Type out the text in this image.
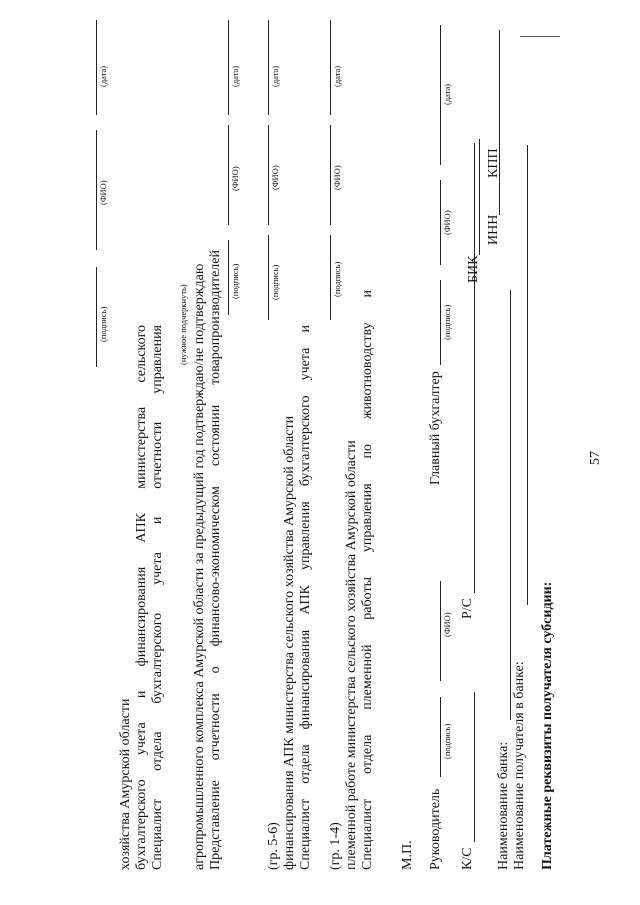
57
Платежные реквизиты получателя субсидии:
Наименование получателя в банке:
Наименование банка:
К/С
Р/С
ИНН
БИК
КПП
Руководитель
(подпись)
(ФИО)
Главный бухгалтер
(подпись)
(ФИО)
(дата)
М.П.
Специалист отдела племенной работы управления по животноводству и
племенной работе министерства сельского хозяйства Амурской области
(гр. 1-4)
(подпись)
(ФИО)
(дата)
Специалист отдела финансирования АПК управления бухгалтерского учета и
финансирования АПК министерства сельского хозяйства Амурской области
(гр. 5-6)
(подпись)
(ФИО)
(дата)
Представление отчетности о финансово-экономическом состоянии товаропроизводителей
агропромышленного комплекса Амурской области за предыдущий год подтверждаю/не подтверждаю
(нужное подчеркнуть)
(подпись)
(ФИО)
(дата)
Специалист отдела бухгалтерского учета и отчетности управления
бухгалтерского учета и финансирования АПК министерства сельского
хозяйства Амурской области
(подпись)
(ФИО)
(дата)
